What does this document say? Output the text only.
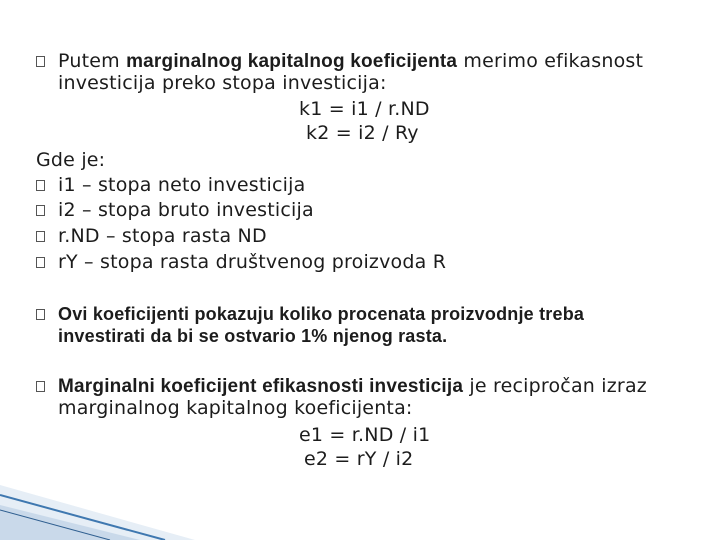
Putem marginalnog kapitalnog koeficijenta merimo efikasnost
investicija preko stopa investicija:
k1 = i1 / r.ND
k2 = i2 / Ry
Gde je:
i1 – stopa neto investicija
i2 – stopa bruto investicija
r.ND – stopa rasta ND
rY – stopa rasta društvenog proizvoda R
Ovi koeficijenti pokazuju koliko procenata proizvodnje treba
investirati da bi se ostvario 1% njenog rasta.
Marginalni koeficijent efikasnosti investicija je recipročan izraz
marginalnog kapitalnog koeficijenta:
e1 = r.ND / i1
e2 = rY / i2
